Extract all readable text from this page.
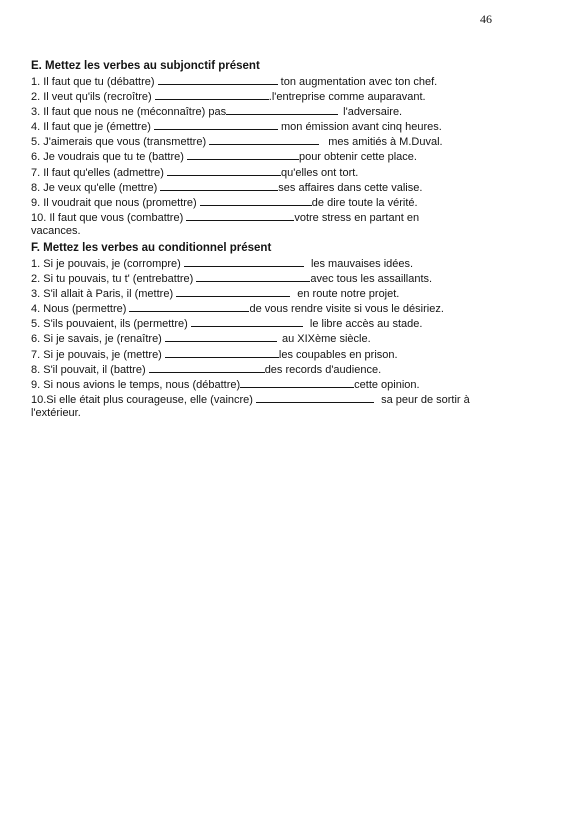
46
E. Mettez les verbes au subjonctif présent
1. Il faut que tu (débattre)	ton augmentation avec ton chef.
2. Il veut qu'ils (recroître)	.l'entreprise comme auparavant.
3. Il faut que nous ne (méconnaître) pas	l'adversaire.
4. Il faut que je (émettre)	mon émission avant cinq heures.
5. J'aimerais que vous (transmettre)	mes amitiés à M.Duval.
6. Je voudrais que tu te (battre)	pour obtenir cette place.
7. Il faut qu'elles (admettre)	qu'elles ont tort.
8. Je veux qu'elle (mettre)	ses affaires dans cette valise.
9. Il voudrait que nous (promettre)	de dire toute la vérité.
10. Il faut que vous (combattre)	votre stress en partant en vacances.
F. Mettez les verbes au conditionnel présent
1. Si je pouvais, je (corrompre)	les mauvaises idées.
2. Si tu pouvais, tu t' (entrebattre)	avec tous les assaillants.
3. S'il allait à Paris, il (mettre)	en route notre projet.
4. Nous (permettre)	de vous rendre visite si vous le désiriez.
5. S'ils pouvaient, ils (permettre)	le libre accès au stade.
6. Si je savais, je (renaître)	au XIXème siècle.
7. Si je pouvais, je (mettre)	les coupables en prison.
8. S'il pouvait, il (battre)	des records d'audience.
9. Si nous avions le temps, nous (débattre)	cette opinion.
10.Si elle était plus courageuse, elle (vaincre)	sa peur de sortir à l'extérieur.
